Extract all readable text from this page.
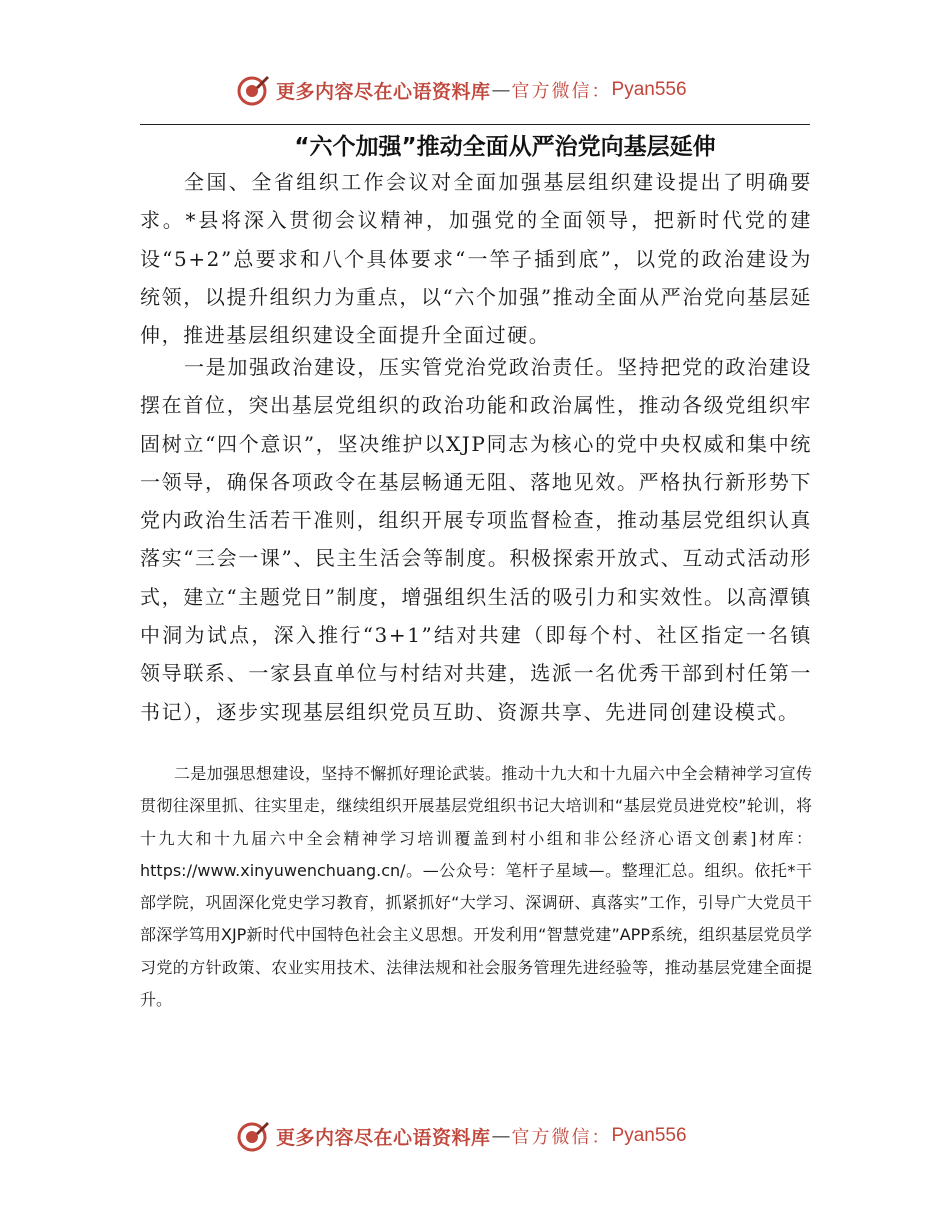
更多内容尽在心语资料库 — 官方微信： Pyan556
“六个加强”推动全面从严治党向基层延伸

全国、全省组织工作会议对全面加强基层组织建设提出了明确要求。*县将深入贯彻会议精神，加强党的全面领导，把新时代党的建设“5+2”总要求和八个具体要求“一竿子插到底”，以党的政治建设为统领，以提升组织力为重点，以“六个加强”推动全面从严治党向基层延伸，推进基层组织建设全面提升全面过硬。

一是加强政治建设，压实管党治党政治责任。坚持把党的政治建设摆在首位，突出基层党组织的政治功能和政治属性，推动各级党组织牢固树立“四个意识”，坚决维护以XJP同志为核心的党中央权威和集中统一领导，确保各项政令在基层畅通无阻、落地见效。严格执行新形势下党内政治生活若干准则，组织开展专项监督检查，推动基层党组织认真落实“三会一课”、民主生活会等制度。积极探索开放式、互动式活动形式，建立“主题党日”制度，增强组织生活的吸引力和实效性。以高潭镇中洞为试点，深入推行“3+1”结对共建（即每个村、社区指定一名镇领导联系、一家县直单位与村结对共建，选派一名优秀干部到村任第一书记），逐步实现基层组织党员互助、资源共享、先进同创建设模式。

二是加强思想建设，坚持不懈抓好理论武装。推动十九大和十九届六中全会精神学习宣传贯彻往深里抓、往实里走，继续组织开展基层党组织书记大培训和“基层党员进党校”轮训，将十九大和十九届六中全会精神学习培训覆盖到村小组和非公经济心语文创素]材库：https://www.xinyuwenchuang.cn/。—公众号：笔杆子星域—。整理汇总。组织。依托*干部学院，巩固深化党史学习教育，抓紧抓好“大学习、深调研、真落实”工作，引导广大党员干部深学笃用XJP新时代中国特色社会主义思想。开发利用“智慧党建”APP系统，组织基层党员学习党的方针政策、农业实用技术、法律法规和社会服务管理先进经验等，推动基层党建全面提升。

更多内容尽在心语资料库 — 官方微信： Pyan556
